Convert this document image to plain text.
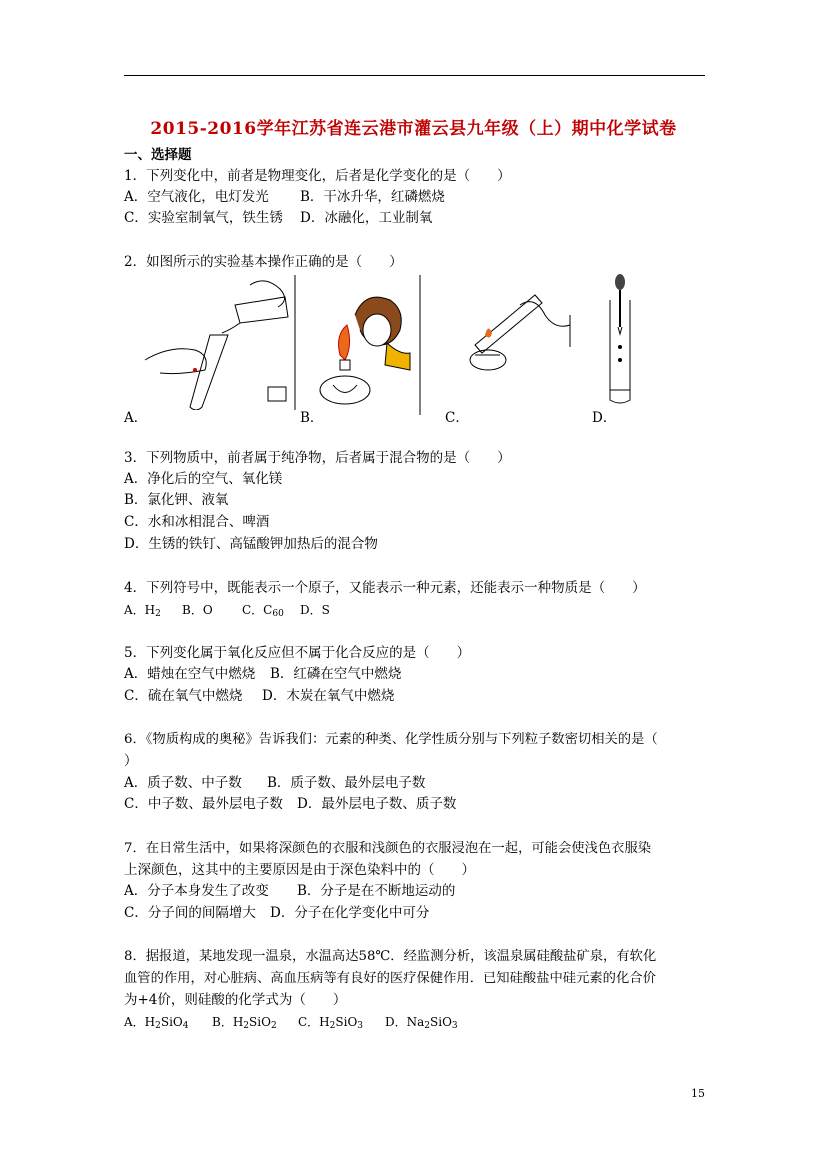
2015-2016学年江苏省连云港市灌云县九年级（上）期中化学试卷
一、选择题
1．下列变化中，前者是物理变化，后者是化学变化的是（　　）
A．空气液化，电灯发光 B．干冰升华，红磷燃烧
C．实验室制氧气，铁生锈 D．冰融化，工业制氧
2．如图所示的实验基本操作正确的是（　　）
A．	B．	C．	D．
3．下列物质中，前者属于纯净物，后者属于混合物的是（　　）
A．净化后的空气、氧化镁
B．氯化钾、液氧
C．水和冰相混合、啤酒
D．生锈的铁钉、高锰酸钾加热后的混合物
4．下列符号中，既能表示一个原子，又能表示一种元素，还能表示一种物质是（　　）
A．$H_2$ B．O C．$C_{60}$ D．S
5．下列变化属于氧化反应但不属于化合反应的是（　　）
A．蜡烛在空气中燃烧 B．红磷在空气中燃烧
C．硫在氧气中燃烧 D．木炭在氧气中燃烧
6．《物质构成的奥秘》告诉我们：元素的种类、化学性质分别与下列粒子数密切相关的是（
）
A．质子数、中子数 B．质子数、最外层电子数
C．中子数、最外层电子数 D．最外层电子数、质子数
7．在日常生活中，如果将深颜色的衣服和浅颜色的衣服浸泡在一起，可能会使浅色衣服染
上深颜色，这其中的主要原因是由于深色染料中的（　　）
A．分子本身发生了改变 B．分子是在不断地运动的
C．分子间的间隔增大 D．分子在化学变化中可分
8．据报道，某地发现一温泉，水温高达58℃．经监测分析，该温泉属硅酸盐矿泉，有软化
血管的作用，对心脏病、高血压病等有良好的医疗保健作用．已知硅酸盐中硅元素的化合价
为+4价，则硅酸的化学式为（　　）
A．$H_2SiO_4$ B．$H_2SiO_2$ C．$H_2SiO_3$ D．$Na_2SiO_3$
15
